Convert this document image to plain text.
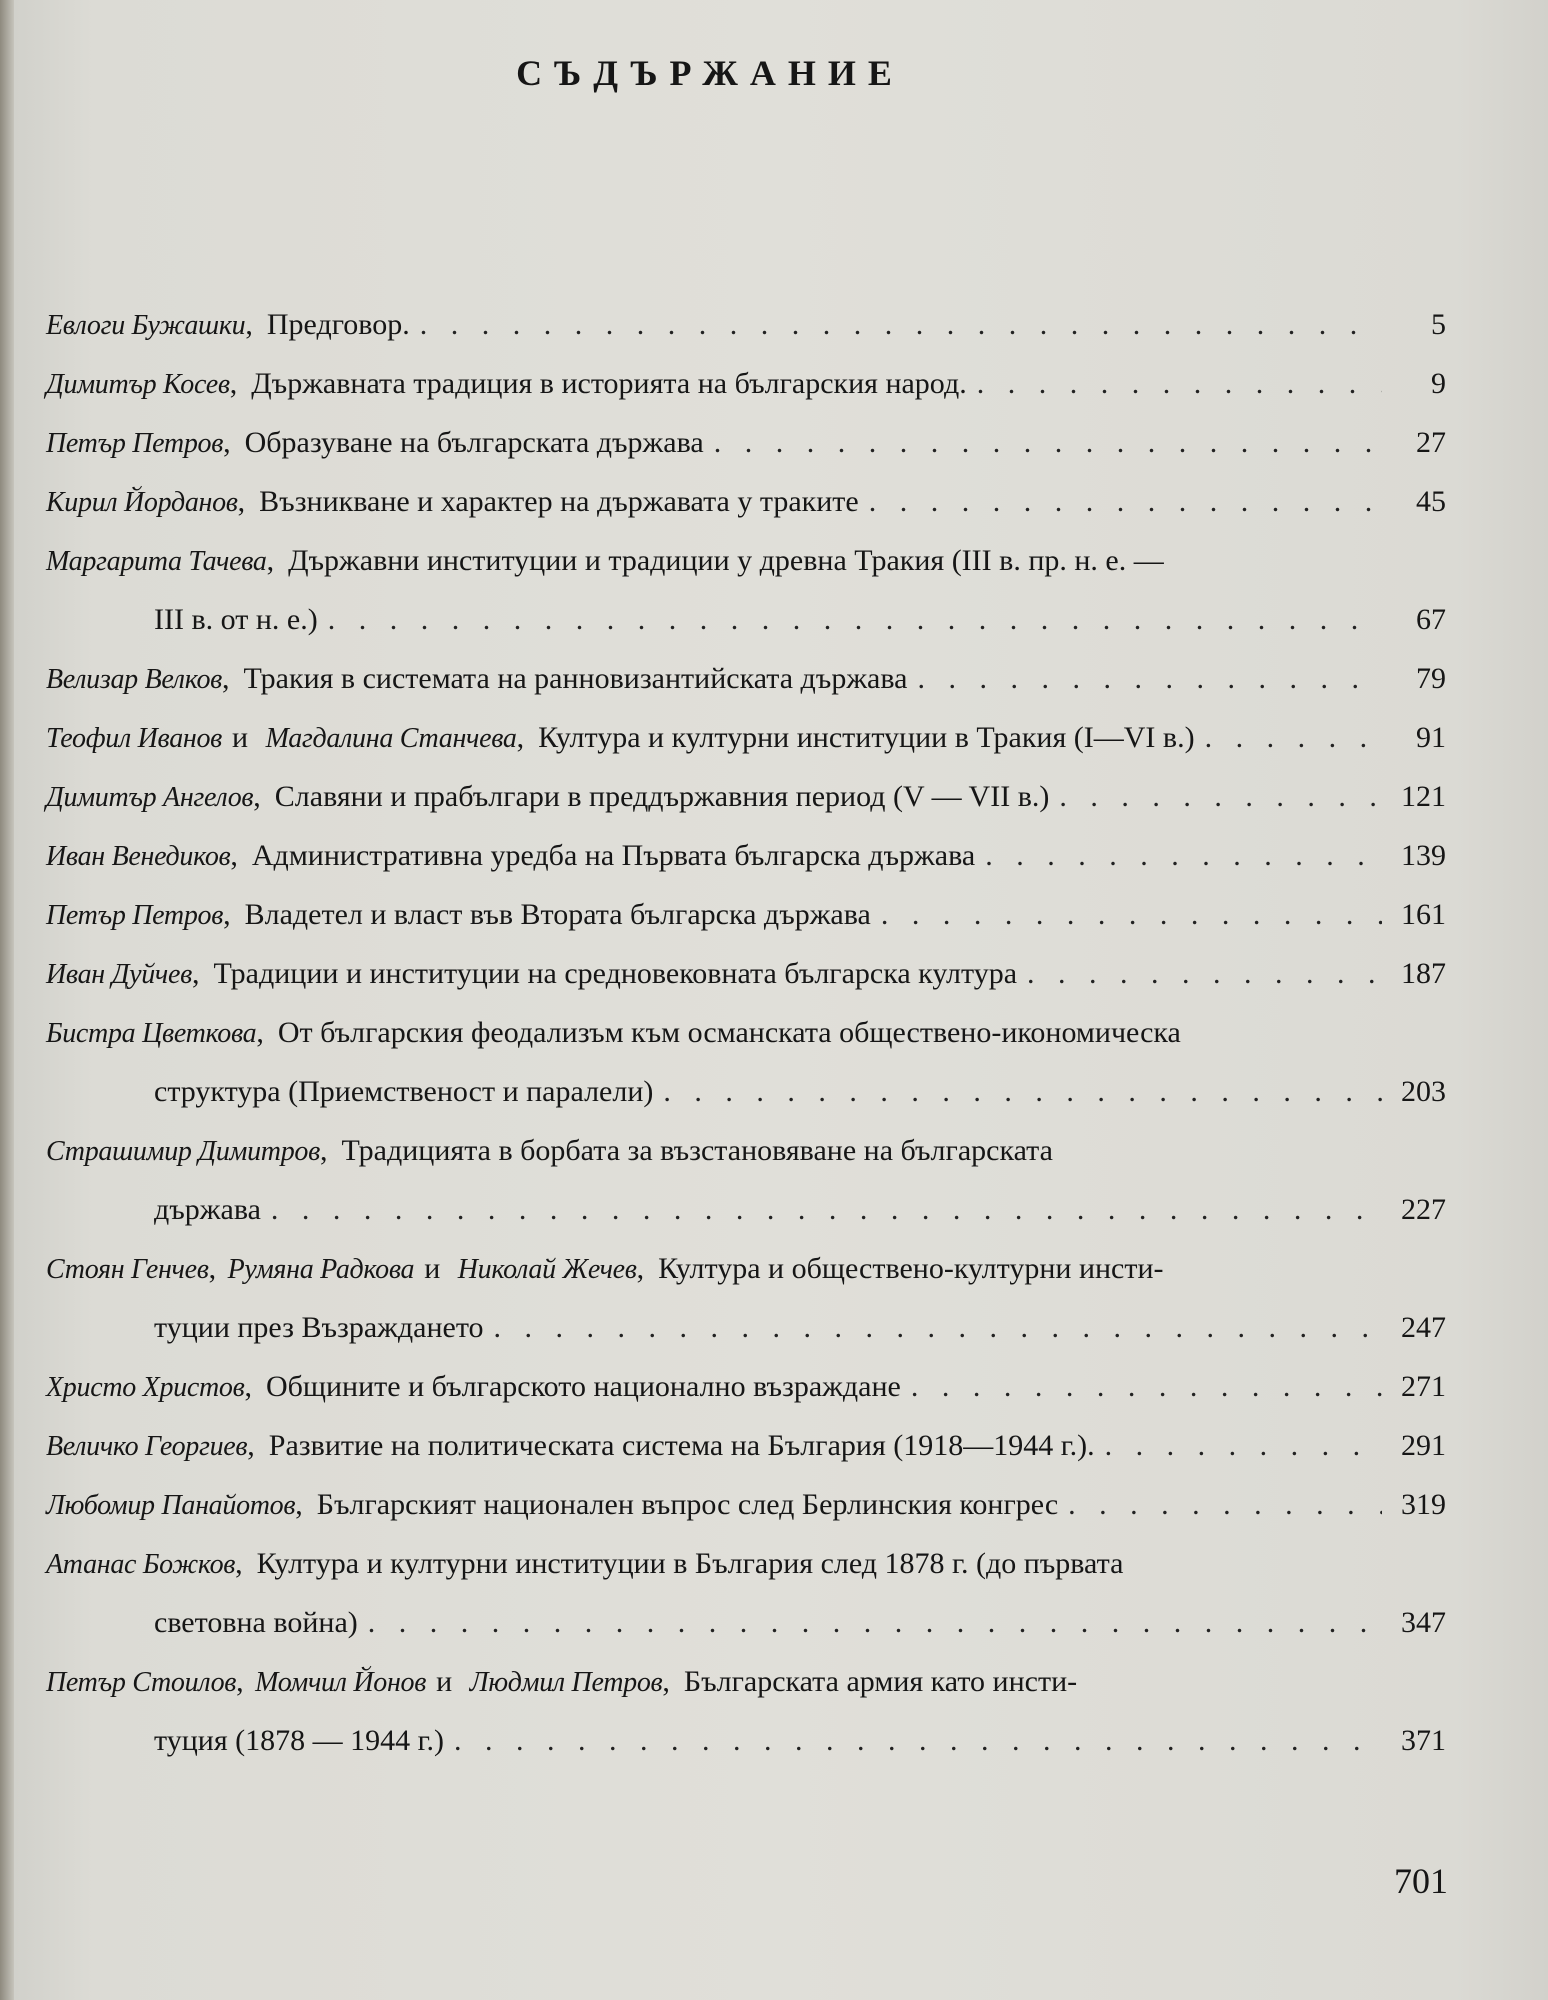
СЪДЪРЖАНИЕ
Евлоги Бужашки , Предговор. . . .	5
Димитър Косев , Държавната традиция в историята на българския народ. . . .	9
Петър Петров , Образуване на българската държава . . .	27
Кирил Йорданов , Възникване и характер на държавата у траките . . .	45
Маргарита Тачева , Държавни институции и традиции у древна Тракия (III в. пр. н. е. —
III в. от н. е.) . . .	67
Велизар Велков , Тракия в системата на ранновизантийската държава . . .	79
Теофил Иванов и
Магдалина Станчева , Култура и културни институции в Тракия (I—VI в.) . . .	91
Димитър Ангелов , Славяни и прабългари в преддържавния период (V — VII в.) . . .	121
Иван Венедиков , Административна уредба на Първата българска държава . . .	139
Петър Петров , Владетел и власт във Втората българска държава . . .	161
Иван Дуйчев , Традиции и институции на средновековната българска култура . . .	187
Бистра Цветкова , От българския феодализъм към османската обществено-икономическа
структура (Приемственост и паралели) . . .	203
Страшимир Димитров , Традицията в борбата за възстановяване на българската
държава . . .	227
Стоян Генчев ,
Румяна Радкова и
Николай Жечев , Култура и обществено-културни инсти-
туции през Възраждането . . .	247
Христо Христов , Общините и българското национално възраждане . . .	271
Величко Георгиев , Развитие на политическата система на България (1918—1944 г.). . . .	291
Любомир Панайотов , Българският национален въпрос след Берлинския конгрес . . .	319
Атанас Божков , Култура и културни институции в България след 1878 г. (до първата
световна война) . . .	347
Петър Стоилов ,
Момчил Йонов и
Людмил Петров , Българската армия като инсти-
туция (1878 — 1944 г.) . . .	371
701
